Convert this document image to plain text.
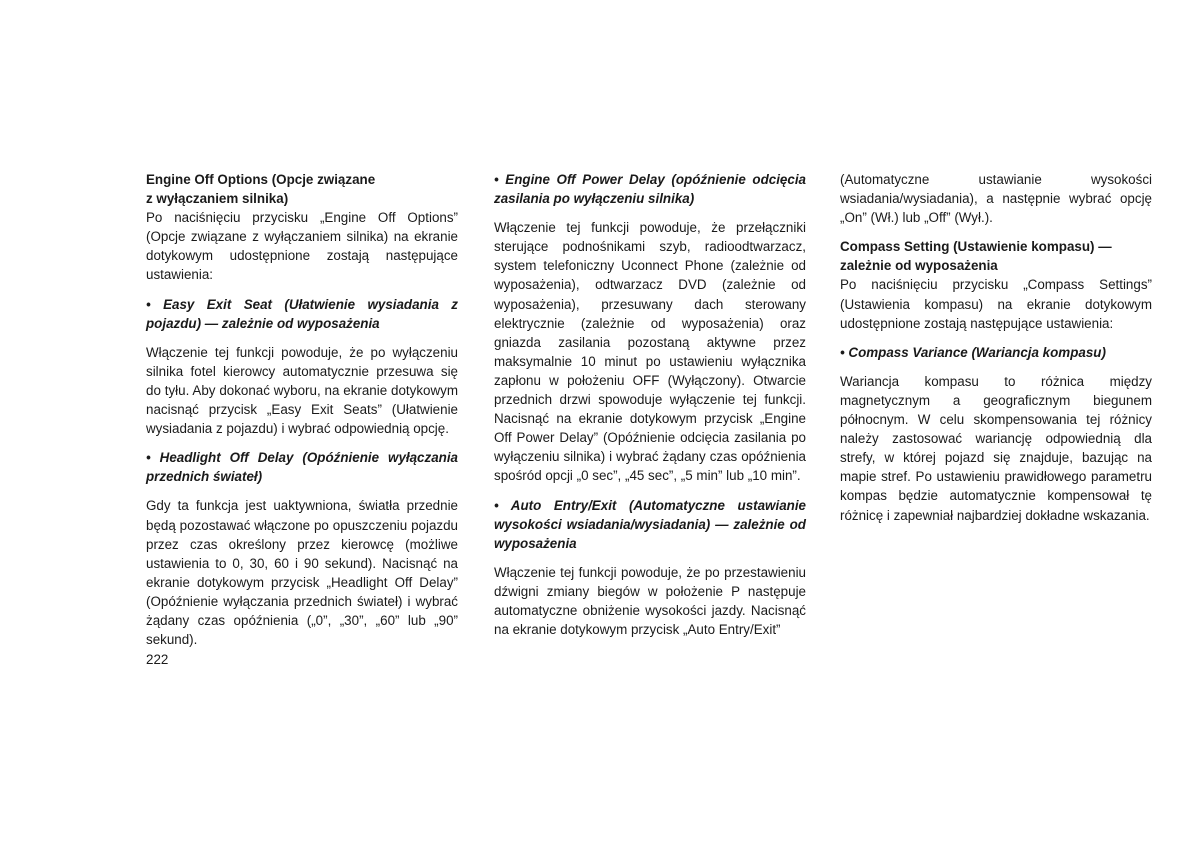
Engine Off Options (Opcje związane
z wyłączaniem silnika)

Po naciśnięciu przycisku „Engine Off Options” (Opcje związane z wyłączaniem silnika) na ekranie dotykowym udostępnione zostają następujące ustawienia:

• Easy Exit Seat (Ułatwienie wysiadania z pojazdu) — zależnie od wyposażenia

Włączenie tej funkcji powoduje, że po wyłączeniu silnika fotel kierowcy automatycznie przesuwa się do tyłu. Aby dokonać wyboru, na ekranie dotykowym nacisnąć przycisk „Easy Exit Seats” (Ułatwienie wysiadania z pojazdu) i wybrać odpowiednią opcję.

• Headlight Off Delay (Opóźnienie wyłączania przednich świateł)

Gdy ta funkcja jest uaktywniona, światła przednie będą pozostawać włączone po opuszczeniu pojazdu przez czas określony przez kierowcę (możliwe ustawienia to 0, 30, 60 i 90 sekund). Nacisnąć na ekranie dotykowym przycisk „Headlight Off Delay” (Opóźnienie wyłączania przednich świateł) i wybrać żądany czas opóźnienia („0”, „30”, „60” lub „90” sekund).

• Engine Off Power Delay (opóźnienie odcięcia zasilania po wyłączeniu silnika)

Włączenie tej funkcji powoduje, że przełączniki sterujące podnośnikami szyb, radioodtwarzacz, system telefoniczny Uconnect Phone (zależnie od wyposażenia), odtwarzacz DVD (zależnie od wyposażenia), przesuwany dach sterowany elektrycznie (zależnie od wyposażenia) oraz gniazda zasilania pozostaną aktywne przez maksymalnie 10 minut po ustawieniu wyłącznika zapłonu w położeniu OFF (Wyłączony). Otwarcie przednich drzwi spowoduje wyłączenie tej funkcji. Nacisnąć na ekranie dotykowym przycisk „Engine Off Power Delay” (Opóźnienie odcięcia zasilania po wyłączeniu silnika) i wybrać żądany czas opóźnienia spośród opcji „0 sec”, „45 sec”, „5 min” lub „10 min”.

• Auto Entry/Exit (Automatyczne ustawianie wysokości wsiadania/wysiadania) — zależnie od wyposażenia

Włączenie tej funkcji powoduje, że po przestawieniu dźwigni zmiany biegów w położenie P następuje automatyczne obniżenie wysokości jazdy. Nacisnąć na ekranie dotykowym przycisk „Auto Entry/Exit”

(Automatyczne ustawianie wysokości wsiadania/wysiadania), a następnie wybrać opcję „On” (Wł.) lub „Off” (Wył.).

Compass Setting (Ustawienie kompasu) —
zależnie od wyposażenia

Po naciśnięciu przycisku „Compass Settings” (Ustawienia kompasu) na ekranie dotykowym udostępnione zostają następujące ustawienia:

• Compass Variance (Wariancja kompasu)

Wariancja kompasu to różnica między magnetycznym a geograficznym biegunem północnym. W celu skompensowania tej różnicy należy zastosować wariancję odpowiednią dla strefy, w której pojazd się znajduje, bazując na mapie stref. Po ustawieniu prawidłowego parametru kompas będzie automatycznie kompensował tę różnicę i zapewniał najbardziej dokładne wskazania.

222
